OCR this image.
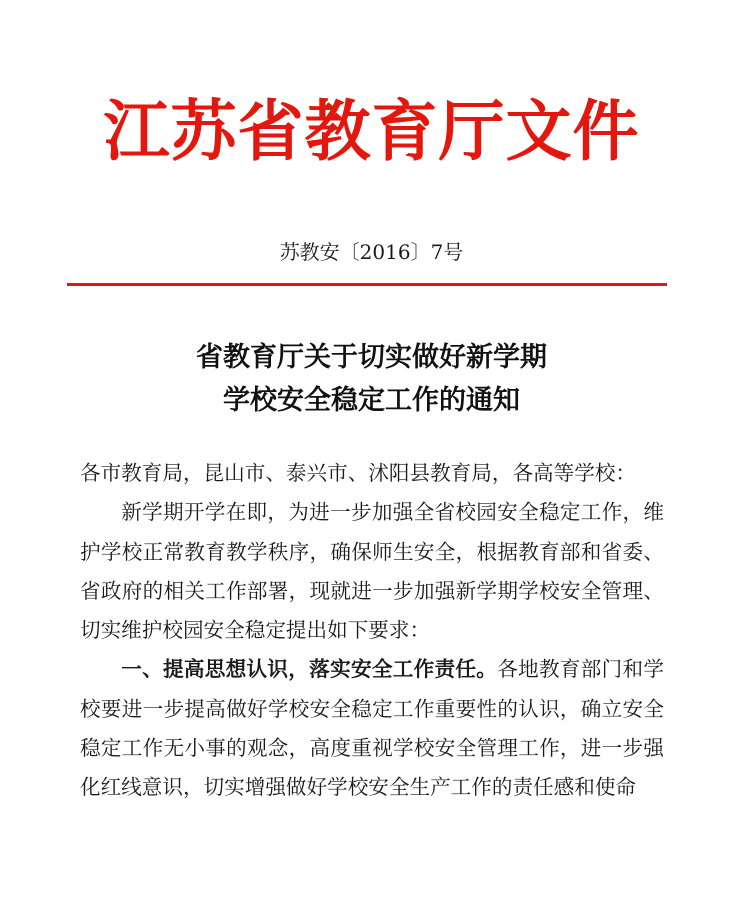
江苏省教育厅文件
苏教安〔2016〕7号
省教育厅关于切实做好新学期
学校安全稳定工作的通知

各市教育局，昆山市、泰兴市、沭阳县教育局，各高等学校：

新学期开学在即，为进一步加强全省校园安全稳定工作，维护学校正常教育教学秩序，确保师生安全，根据教育部和省委、省政府的相关工作部署，现就进一步加强新学期学校安全管理、切实维护校园安全稳定提出如下要求：

一、提高思想认识，落实安全工作责任。各地教育部门和学校要进一步提高做好学校安全稳定工作重要性的认识，确立安全稳定工作无小事的观念，高度重视学校安全管理工作，进一步强化红线意识，切实增强做好学校安全生产工作的责任感和使命
